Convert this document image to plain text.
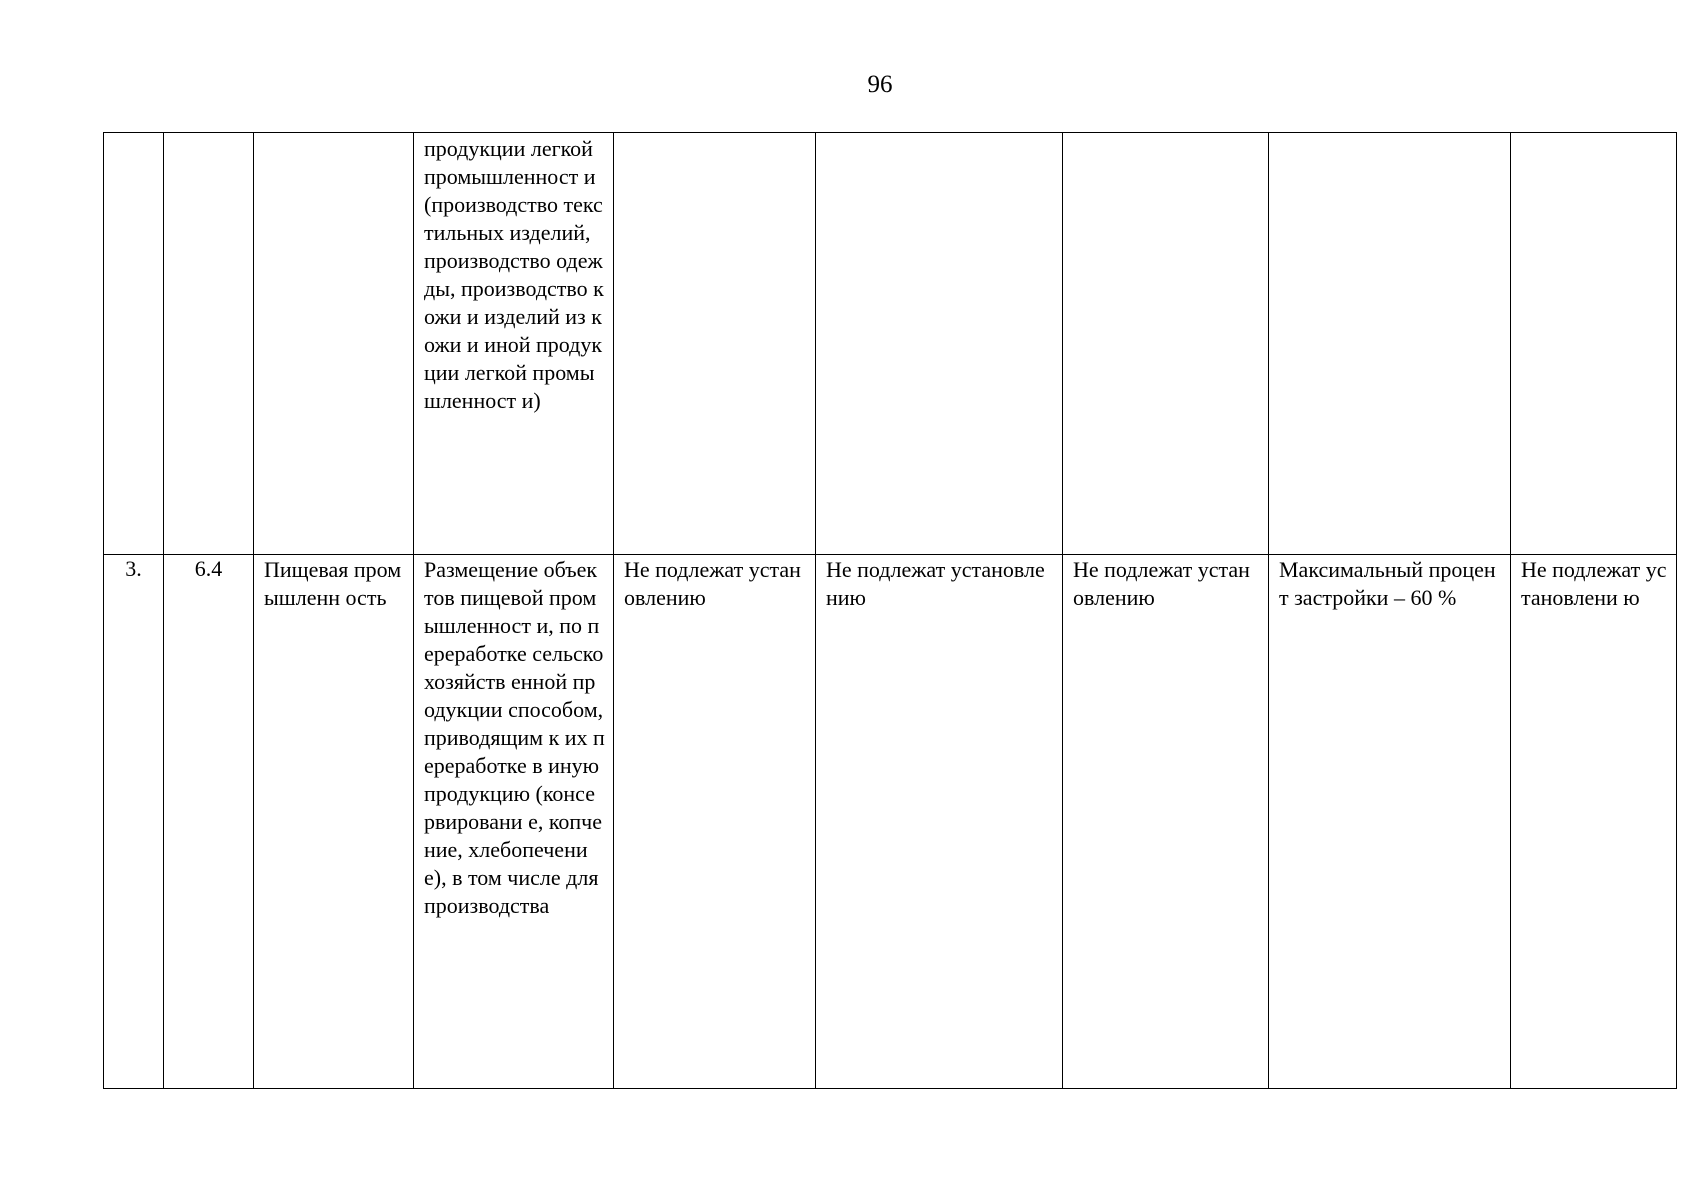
96
			продукции легкой промышленност и (производство текстильных изделий, производство одежды, производство кожи и изделий из кожи и иной продукции легкой промышленност и)					
3.	6.4	Пищевая промышленн ость	Размещение объектов пищевой промышленност и, по переработке сельскохозяйств енной продукции способом, приводящим к их переработке в иную продукцию (консервировани е, копчение, хлебопечение), в том числе для производства	Не подлежат установлению	Не подлежат установлению	Не подлежат установлению	Максимальный процент застройки – 60 %	Не подлежат установлени ю
